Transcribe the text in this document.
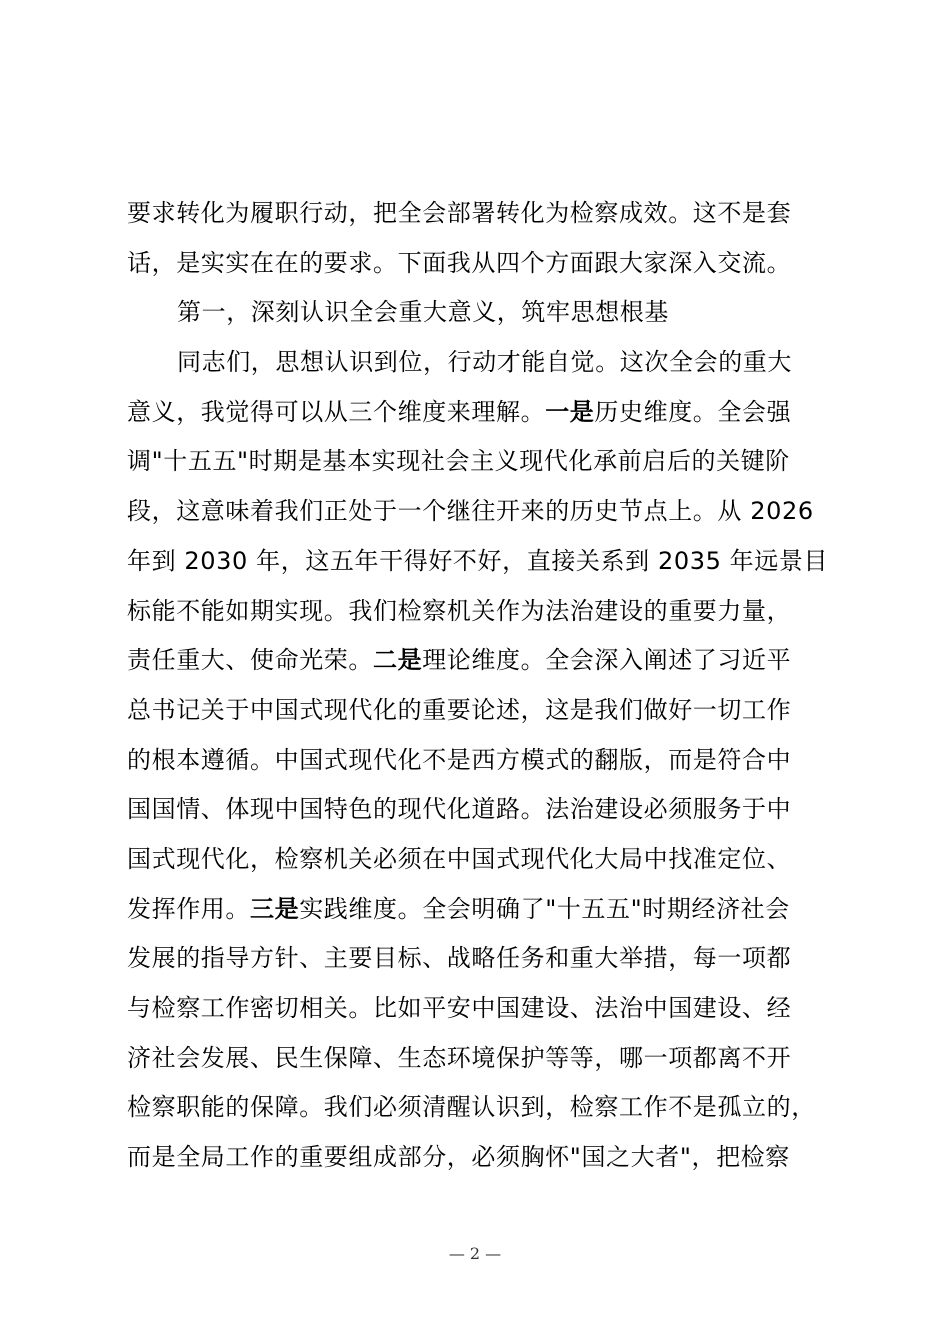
要求转化为履职行动，把全会部署转化为检察成效。这不是套
话，是实实在在的要求。下面我从四个方面跟大家深入交流。
第一，深刻认识全会重大意义，筑牢思想根基
同志们，思想认识到位，行动才能自觉。这次全会的重大
意义，我觉得可以从三个维度来理解。一是历史维度。全会强
调"十五五"时期是基本实现社会主义现代化承前启后的关键阶
段，这意味着我们正处于一个继往开来的历史节点上。从 2026
年到 2030 年，这五年干得好不好，直接关系到 2035 年远景目
标能不能如期实现。我们检察机关作为法治建设的重要力量，
责任重大、使命光荣。二是理论维度。全会深入阐述了习近平
总书记关于中国式现代化的重要论述，这是我们做好一切工作
的根本遵循。中国式现代化不是西方模式的翻版，而是符合中
国国情、体现中国特色的现代化道路。法治建设必须服务于中
国式现代化，检察机关必须在中国式现代化大局中找准定位、
发挥作用。三是实践维度。全会明确了"十五五"时期经济社会
发展的指导方针、主要目标、战略任务和重大举措，每一项都
与检察工作密切相关。比如平安中国建设、法治中国建设、经
济社会发展、民生保障、生态环境保护等等，哪一项都离不开
检察职能的保障。我们必须清醒认识到，检察工作不是孤立的，
而是全局工作的重要组成部分，必须胸怀"国之大者"，把检察
— 2 —
